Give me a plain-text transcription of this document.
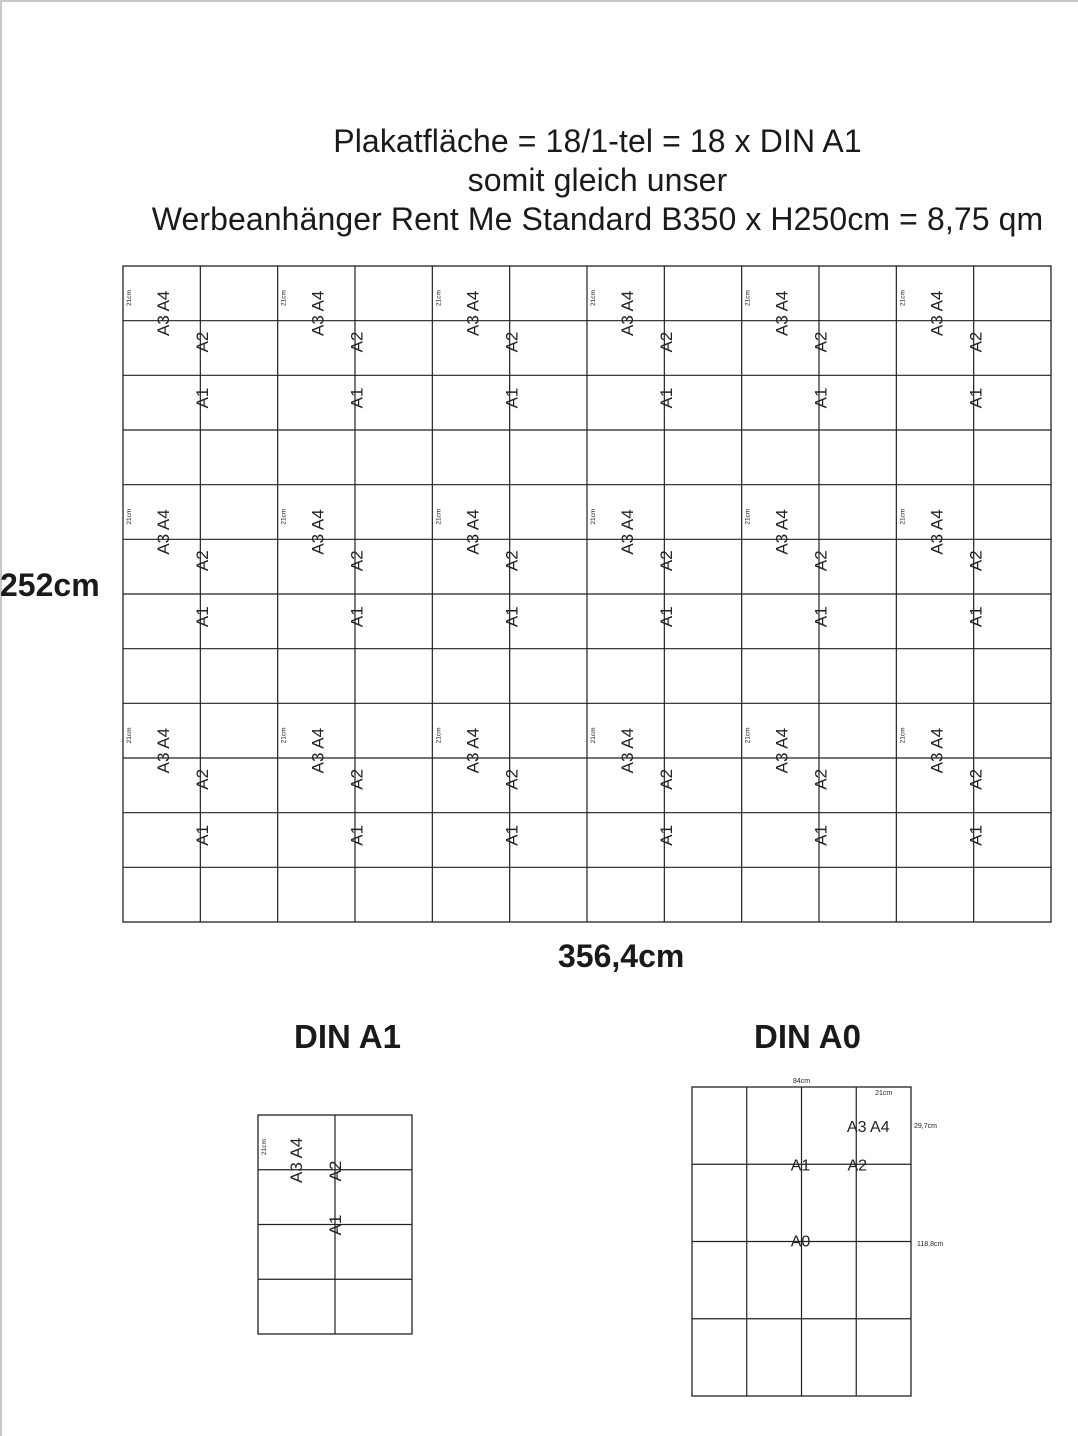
Plakatfläche = 18/1-tel = 18 x DIN A1
somit gleich unser
Werbeanhänger Rent Me Standard B350 x H250cm = 8,75 qm
21cm A3 A4
A2
A1
21cm A3 A4
A2
A1
21cm A3 A4
A2
A1
21cm A3 A4
A2
A1
21cm A3 A4
A2
A1
21cm A3 A4
A2
A1
21cm A3 A4
A2
A1
21cm A3 A4
A2
A1
21cm A3 A4
A2
A1
21cm A3 A4
A2
A1
21cm A3 A4
A2
A1
21cm A3 A4
A2
A1
21cm A3 A4
A2
A1
21cm A3 A4
A2
A1
21cm A3 A4
A2
A1
21cm A3 A4
A2
A1
21cm A3 A4
A2
A1
21cm A3 A4
A2
A1
21cm A3 A4 A2
A1
84cm
21cm
29,7cm
118,8cm
A3 A4
A1 A2
A0
252cm
356,4cm
DIN A1	DIN A0
